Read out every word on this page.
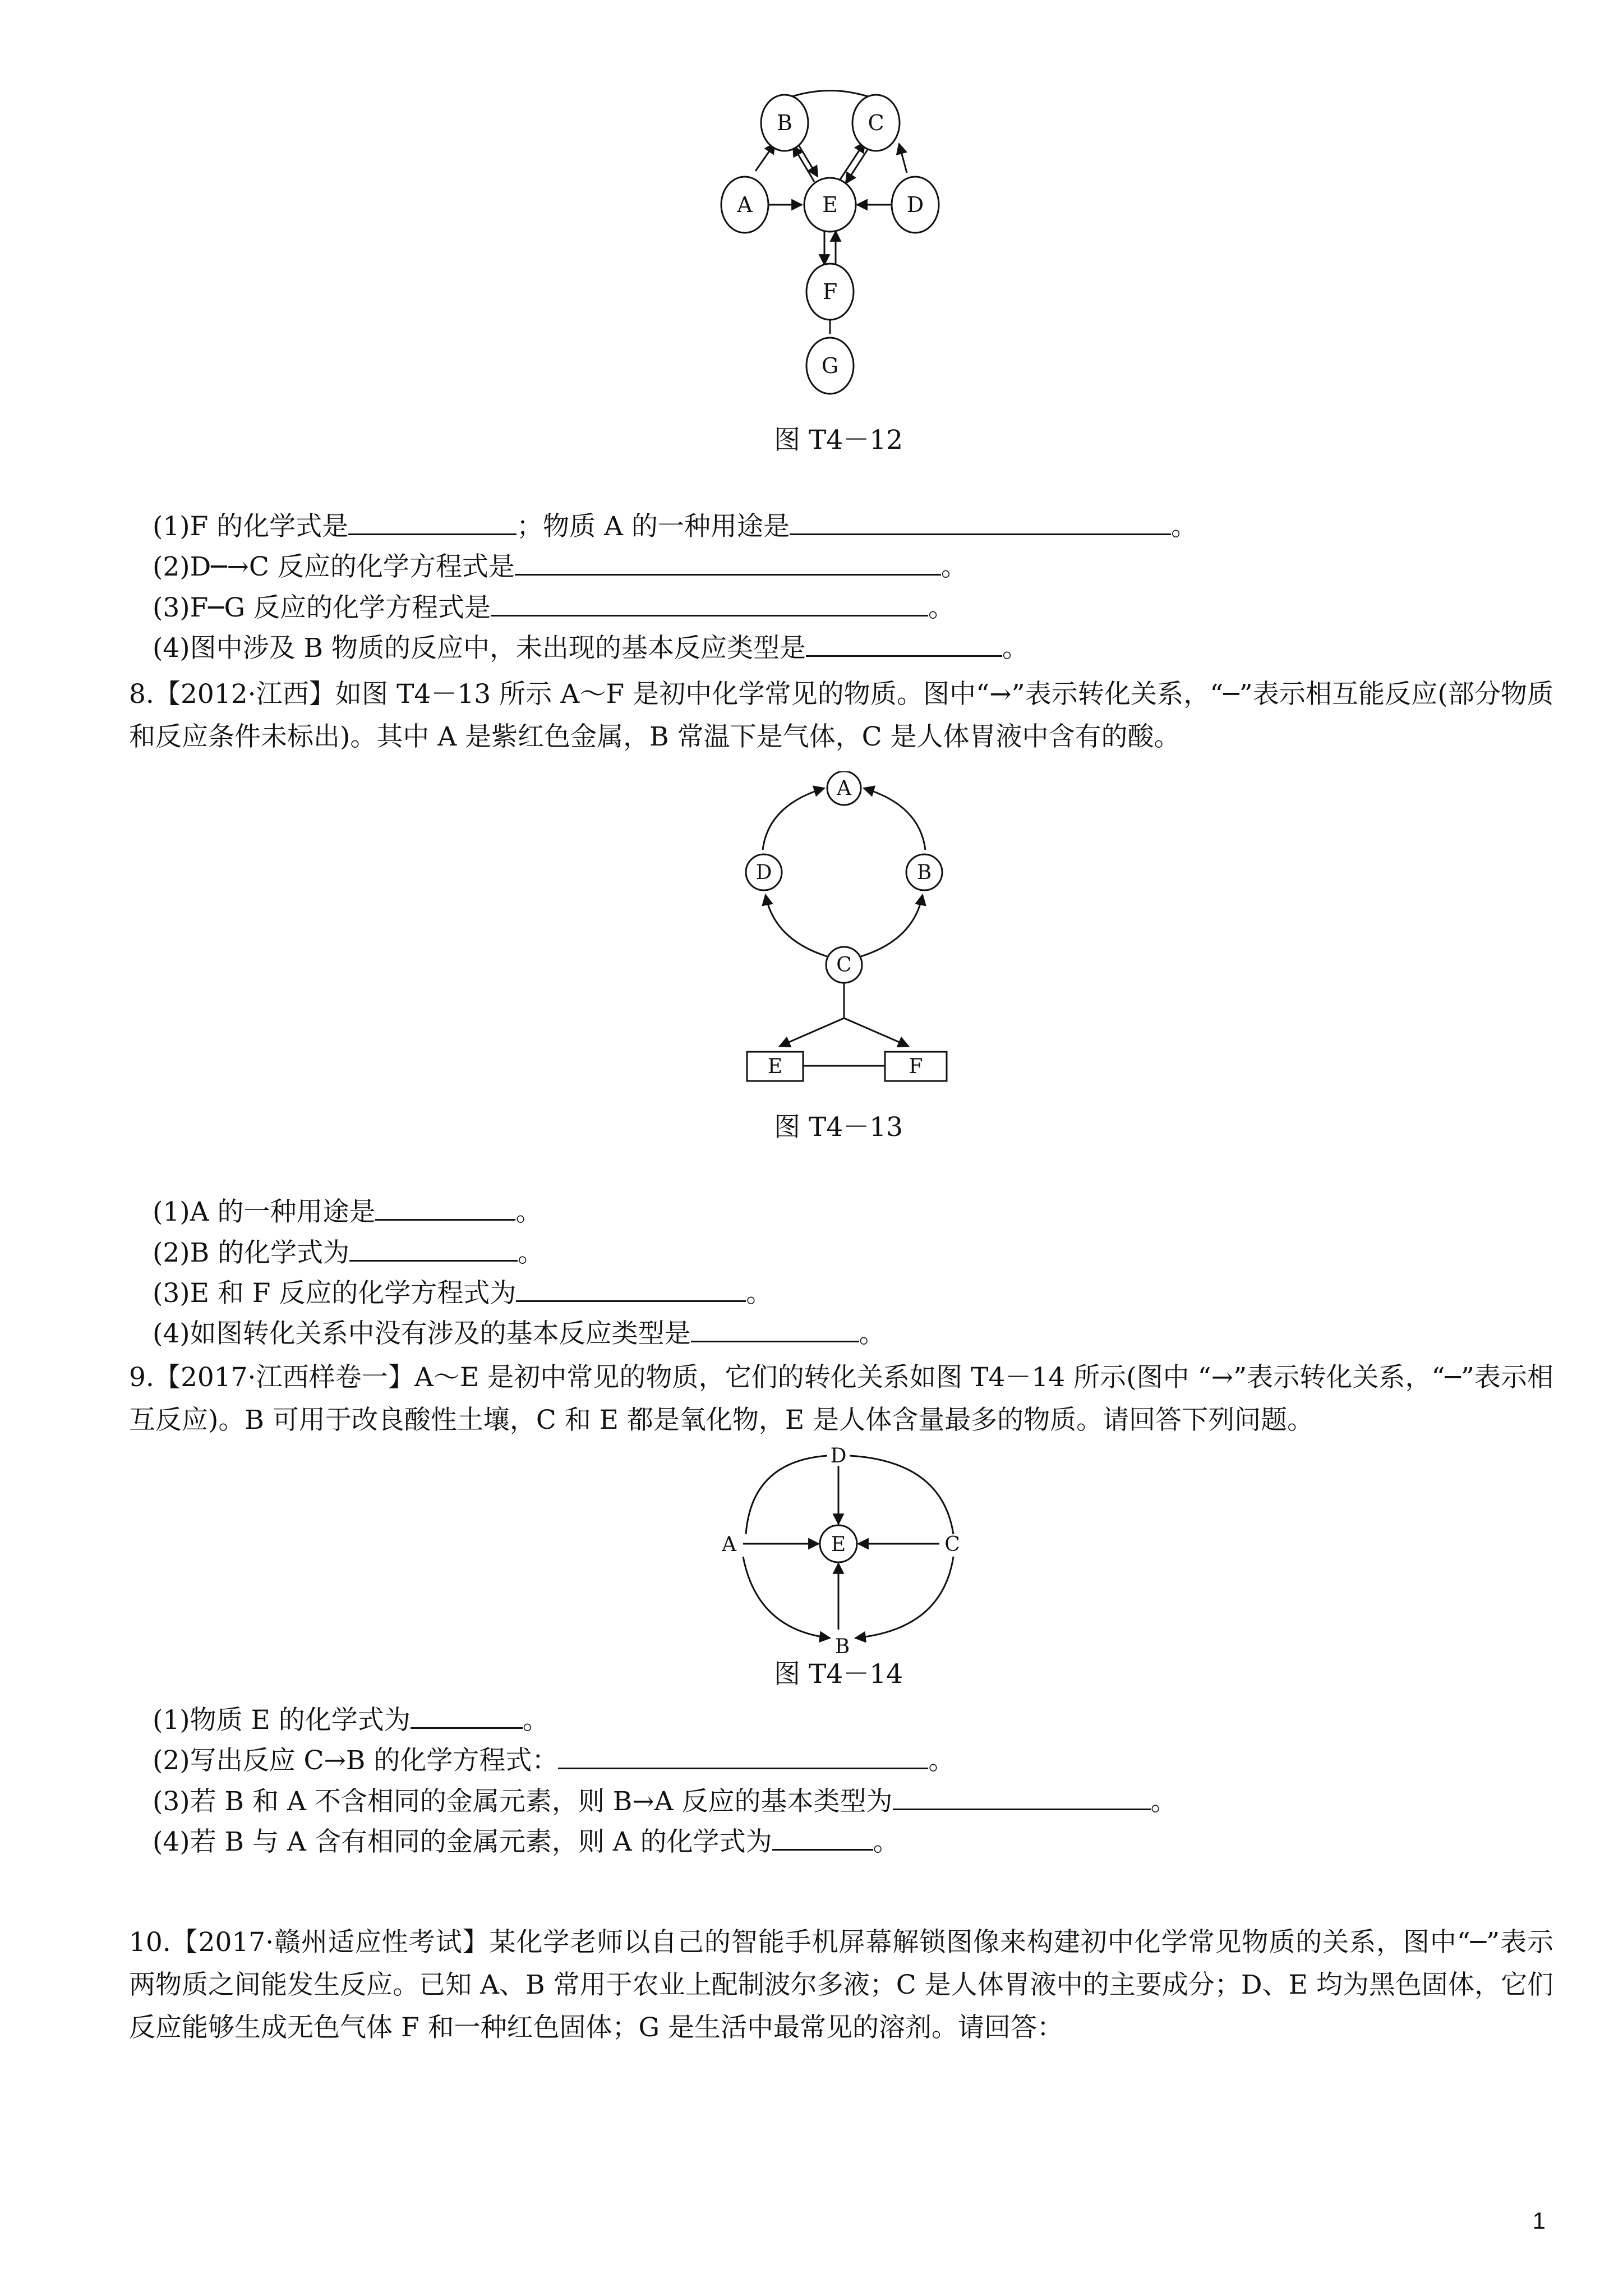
B	C
A	E	D
F
G
图 T4－12
(1)F 的化学式是	；物质 A 的一种用途是	。
(2)D─→C 反应的化学方程式是	。
(3)F─G 反应的化学方程式是	。
(4)图中涉及 B 物质的反应中，未出现的基本反应类型是	。
8.【2012·江西】如图 T4－13 所示 A～F 是初中化学常见的物质。图中“→”表示转化关系，“─”表示相互能反应(部分物质和反应条件未标出)。其中 A 是紫红色金属，B 常温下是气体，C 是人体胃液中含有的酸。
A
D	B
C
E	F
图 T4－13
(1)A 的一种用途是	。
(2)B 的化学式为	。
(3)E 和 F 反应的化学方程式为	。
(4)如图转化关系中没有涉及的基本反应类型是	。
9.【2017·江西样卷一】A～E 是初中常见的物质，它们的转化关系如图 T4－14 所示(图中 “→”表示转化关系，“─”表示相互反应)。B 可用于改良酸性土壤，C 和 E 都是氧化物，E 是人体含量最多的物质。请回答下列问题。
D
A	E	C
B
图 T4－14
(1)物质 E 的化学式为	。
(2)写出反应 C→B 的化学方程式：	。
(3)若 B 和 A 不含相同的金属元素，则 B→A 反应的基本类型为	。
(4)若 B 与 A 含有相同的金属元素，则 A 的化学式为	。
10.【2017·赣州适应性考试】某化学老师以自己的智能手机屏幕解锁图像来构建初中化学常见物质的关系，图中“─”表示两物质之间能发生反应。已知 A、B 常用于农业上配制波尔多液；C 是人体胃液中的主要成分；D、E 均为黑色固体，它们反应能够生成无色气体 F 和一种红色固体；G 是生活中最常见的溶剂。请回答：
1
